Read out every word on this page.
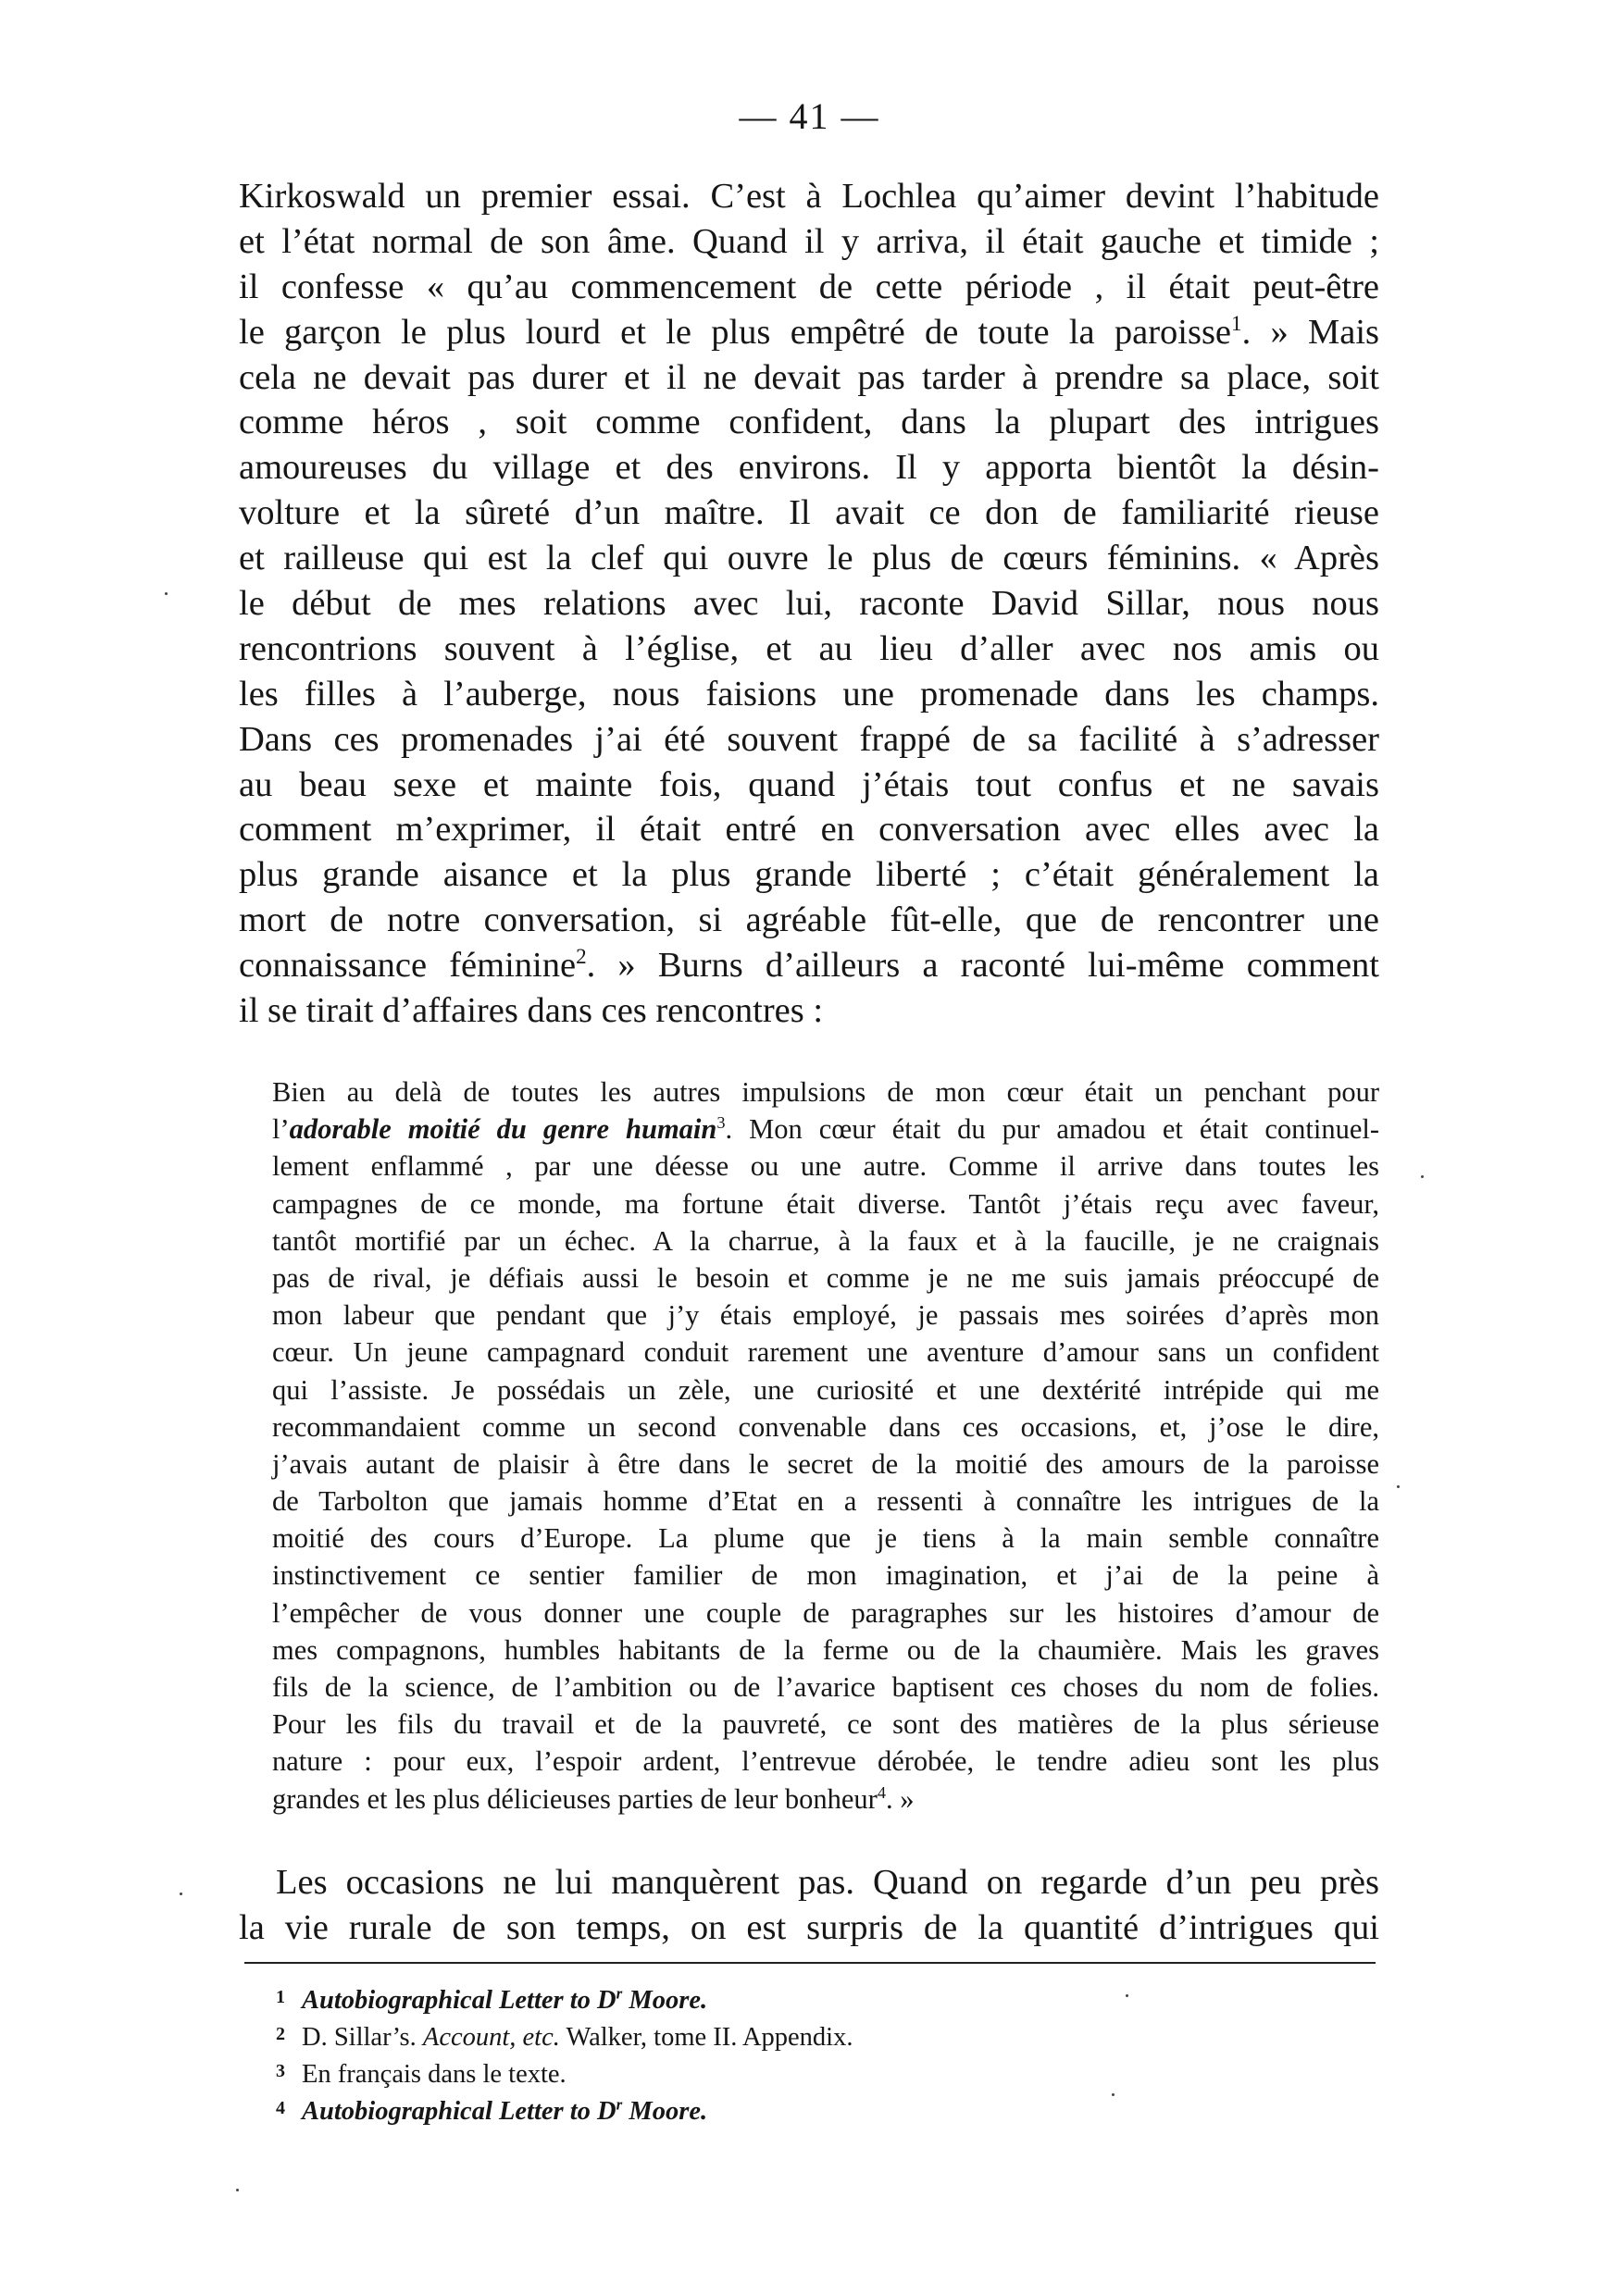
— 41 —
Kirkoswald un premier essai. C’est à Lochlea qu’aimer devint l’habitude
et l’état normal de son âme. Quand il y arriva, il était gauche et timide ;
il confesse « qu’au commencement de cette période , il était peut-être
le garçon le plus lourd et le plus empêtré de toute la paroisse$^1$. » Mais
cela ne devait pas durer et il ne devait pas tarder à prendre sa place, soit
comme héros , soit comme confident, dans la plupart des intrigues
amoureuses du village et des environs. Il y apporta bientôt la désin-
volture et la sûreté d’un maître. Il avait ce don de familiarité rieuse
et railleuse qui est la clef qui ouvre le plus de cœurs féminins. « Après
le début de mes relations avec lui, raconte David Sillar, nous nous
rencontrions souvent à l’église, et au lieu d’aller avec nos amis ou
les filles à l’auberge, nous faisions une promenade dans les champs.
Dans ces promenades j’ai été souvent frappé de sa facilité à s’adresser
au beau sexe et mainte fois, quand j’étais tout confus et ne savais
comment m’exprimer, il était entré en conversation avec elles avec la
plus grande aisance et la plus grande liberté ; c’était généralement la
mort de notre conversation, si agréable fût-elle, que de rencontrer une
connaissance féminine$^2$. » Burns d’ailleurs a raconté lui-même comment
il se tirait d’affaires dans ces rencontres :
Bien au delà de toutes les autres impulsions de mon cœur était un penchant pour
l’adorable moitié du genre humain$^3$. Mon cœur était du pur amadou et était continuel-
lement enflammé , par une déesse ou une autre. Comme il arrive dans toutes les
campagnes de ce monde, ma fortune était diverse. Tantôt j’étais reçu avec faveur,
tantôt mortifié par un échec. A la charrue, à la faux et à la faucille, je ne craignais
pas de rival, je défiais aussi le besoin et comme je ne me suis jamais préoccupé de
mon labeur que pendant que j’y étais employé, je passais mes soirées d’après mon
cœur. Un jeune campagnard conduit rarement une aventure d’amour sans un confident
qui l’assiste. Je possédais un zèle, une curiosité et une dextérité intrépide qui me
recommandaient comme un second convenable dans ces occasions, et, j’ose le dire,
j’avais autant de plaisir à être dans le secret de la moitié des amours de la paroisse
de Tarbolton que jamais homme d’Etat en a ressenti à connaître les intrigues de la
moitié des cours d’Europe. La plume que je tiens à la main semble connaître
instinctivement ce sentier familier de mon imagination, et j’ai de la peine à
l’empêcher de vous donner une couple de paragraphes sur les histoires d’amour de
mes compagnons, humbles habitants de la ferme ou de la chaumière. Mais les graves
fils de la science, de l’ambition ou de l’avarice baptisent ces choses du nom de folies.
Pour les fils du travail et de la pauvreté, ce sont des matières de la plus sérieuse
nature : pour eux, l’espoir ardent, l’entrevue dérobée, le tendre adieu sont les plus
grandes et les plus délicieuses parties de leur bonheur$^4$. »
Les occasions ne lui manquèrent pas. Quand on regarde d’un peu près
la vie rurale de son temps, on est surpris de la quantité d’intrigues qui
1 Autobiographical Letter to $D^r$ Moore.
2 D. Sillar’s. Account, etc. Walker, tome II. Appendix.
3 En français dans le texte.
4 Autobiographical Letter to $D^r$ Moore.
